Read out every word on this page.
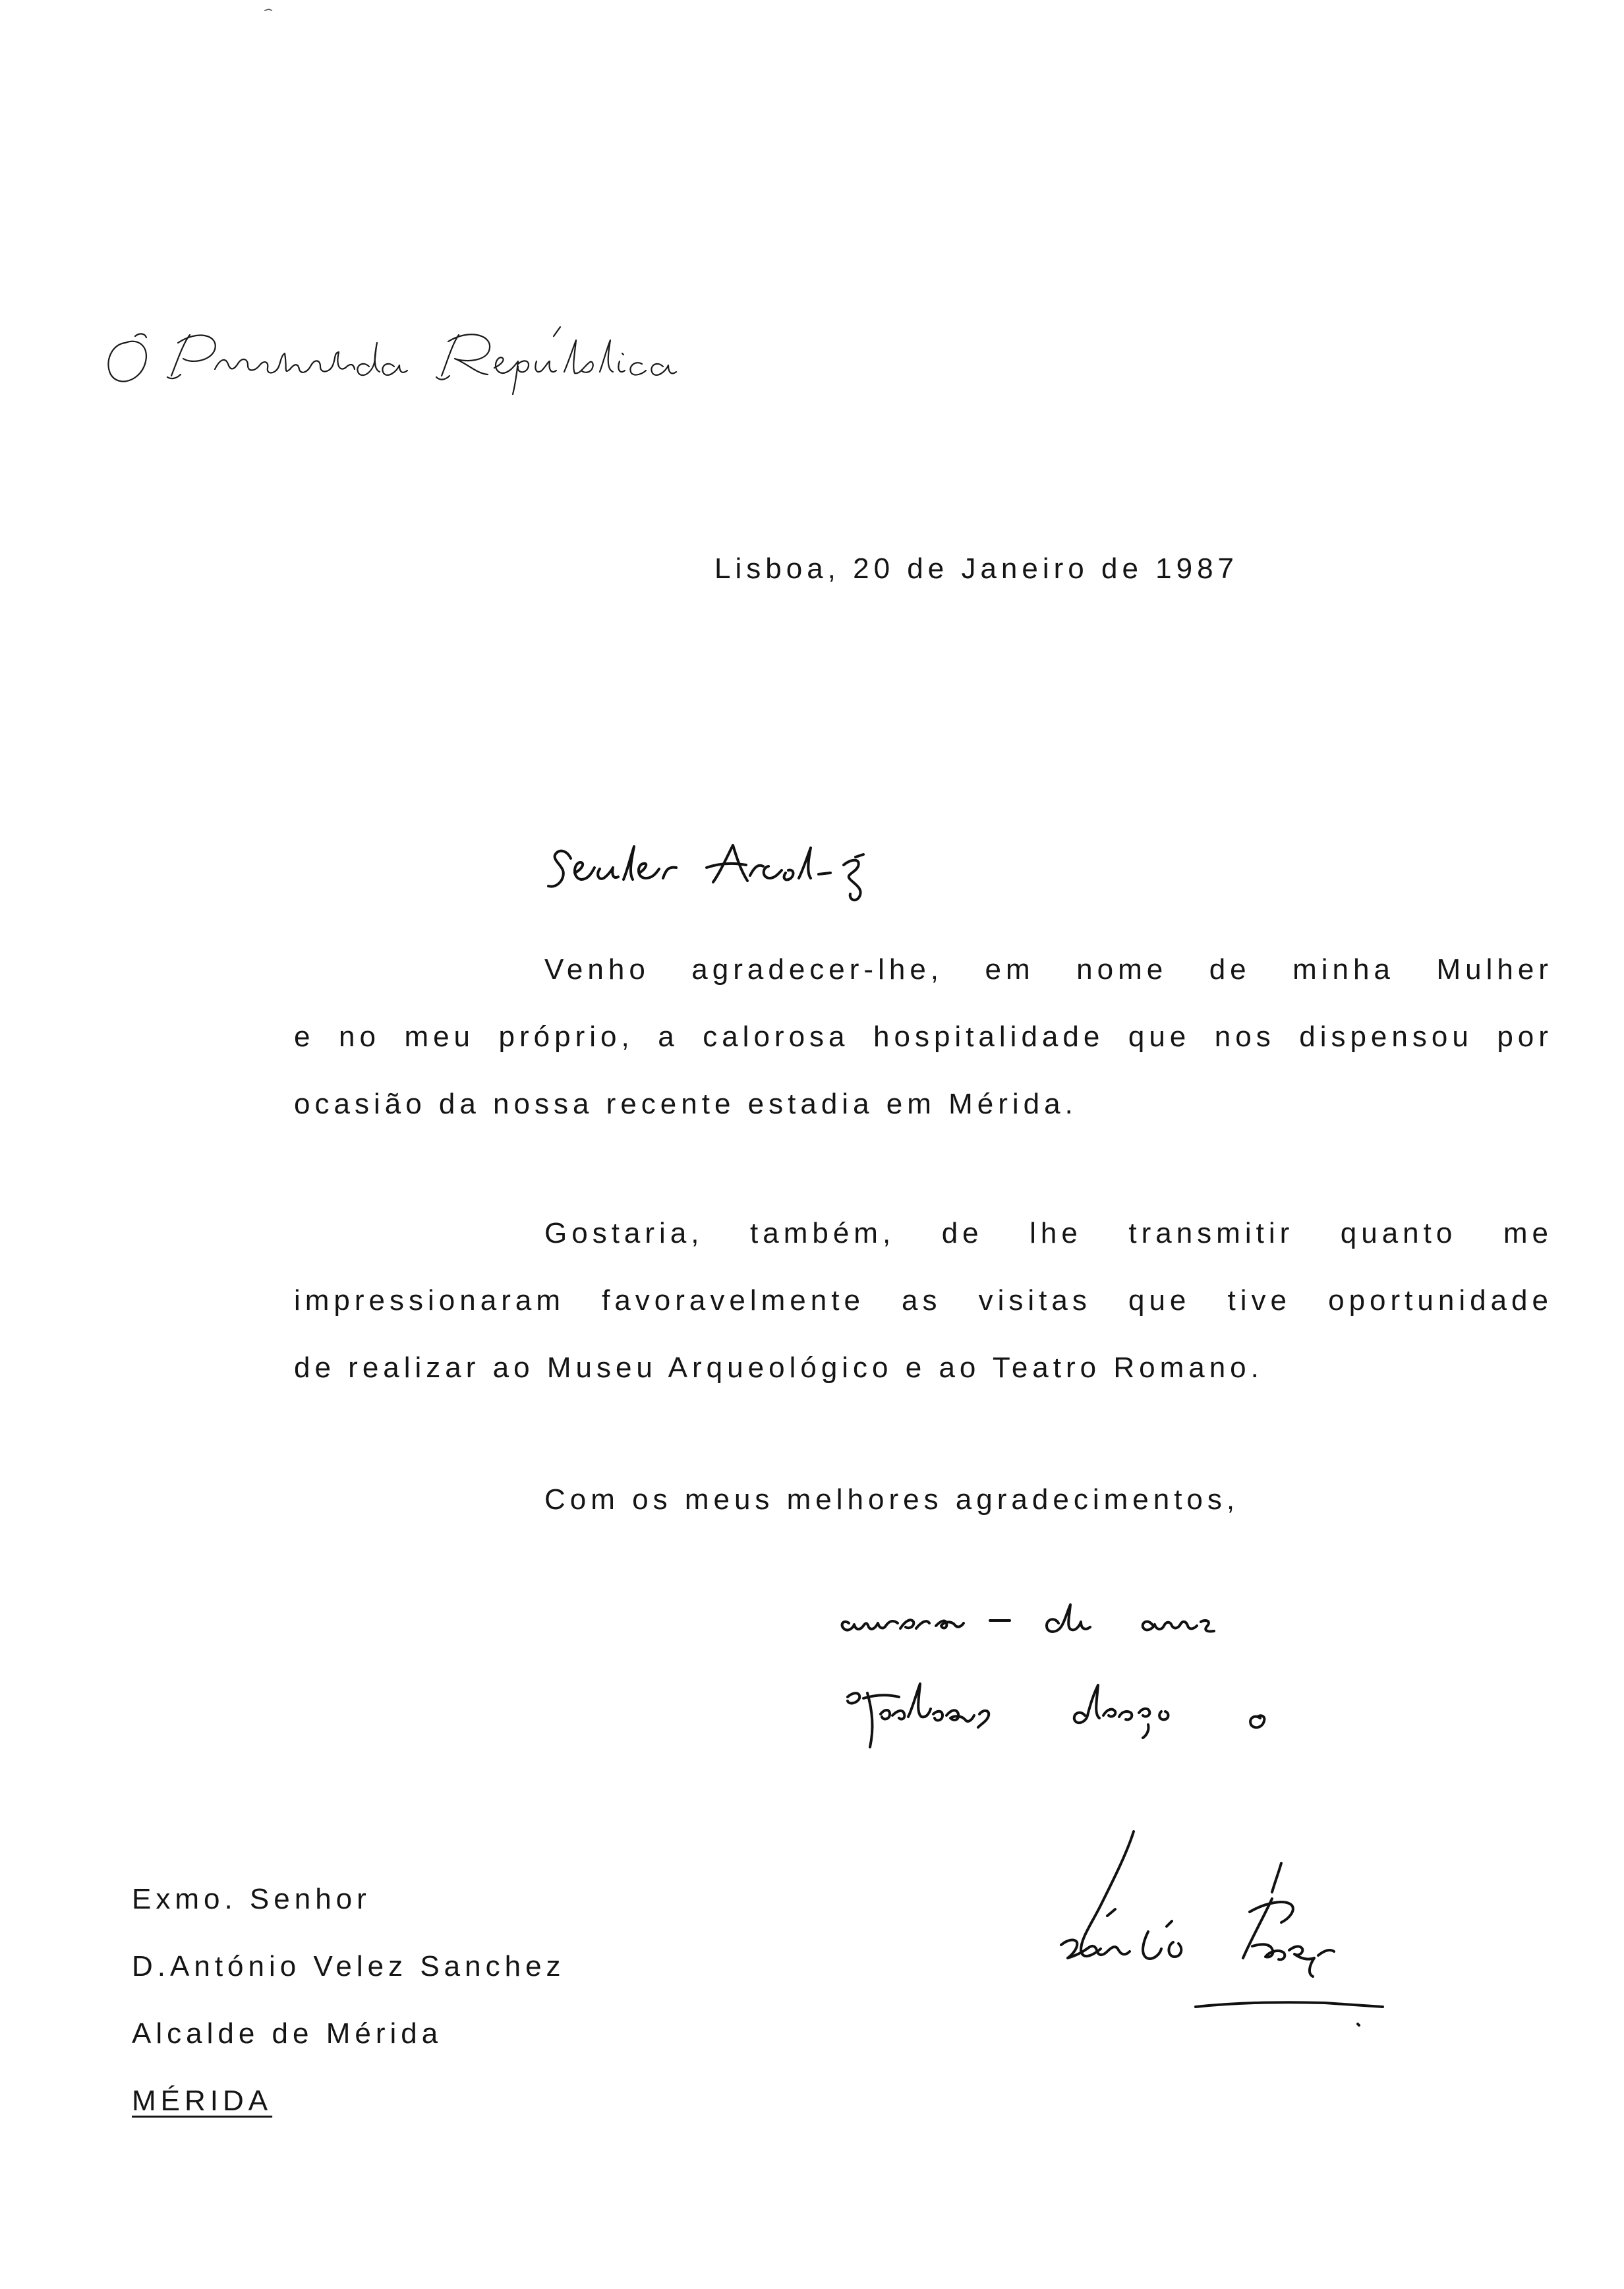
Lisboa, 20 de Janeiro de 1987
Venho agradecer-lhe, em nome de minha Mulher
e no meu próprio, a calorosa hospitalidade que nos dispensou por
ocasião da nossa recente estadia em Mérida.
Gostaria, também, de lhe transmitir quanto me
impressionaram favoravelmente as visitas que tive oportunidade
de realizar ao Museu Arqueológico e ao Teatro Romano.
Com os meus melhores agradecimentos,
Exmo. Senhor
D.António Velez Sanchez
Alcalde de Mérida
MÉRIDA
